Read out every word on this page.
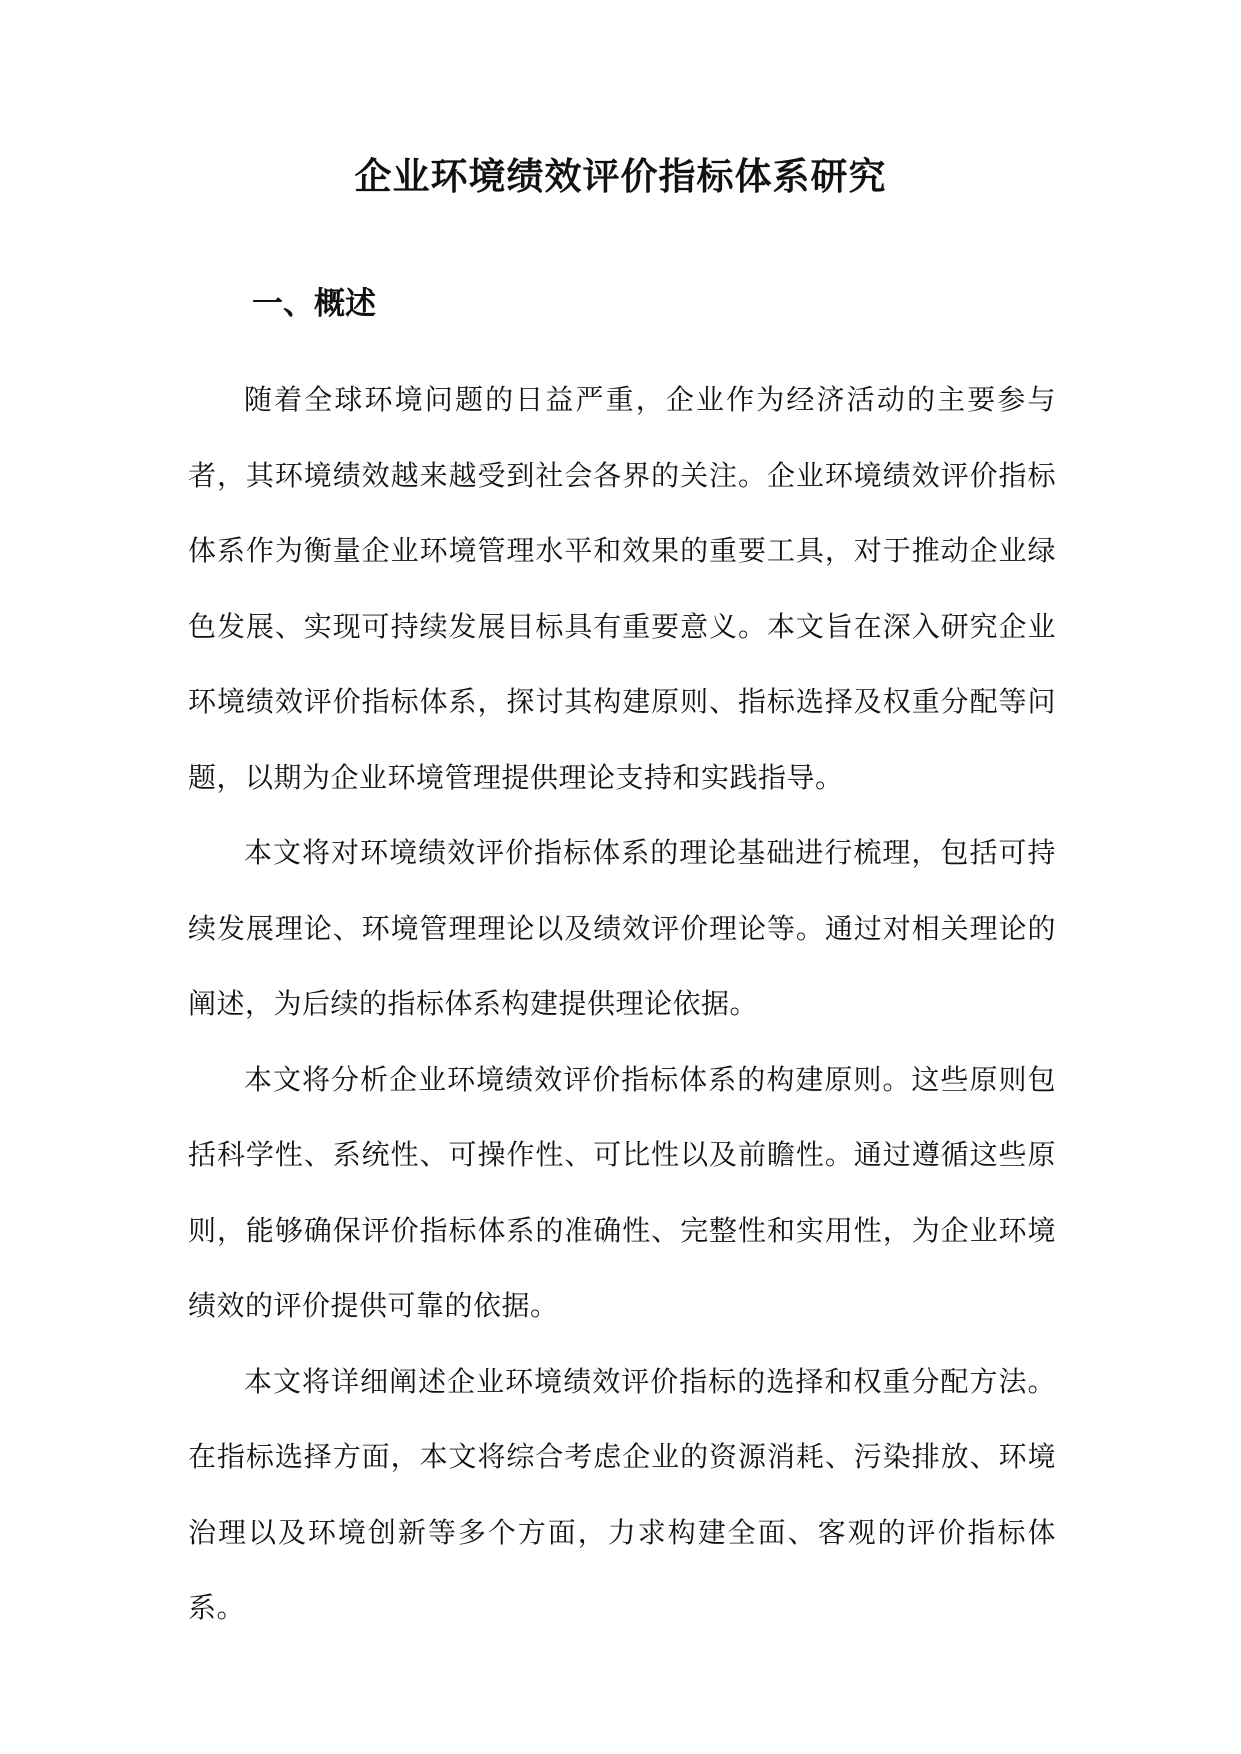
企业环境绩效评价指标体系研究
一、概述

随着全球环境问题的日益严重，企业作为经济活动的主要参与者，其环境绩效越来越受到社会各界的关注。企业环境绩效评价指标体系作为衡量企业环境管理水平和效果的重要工具，对于推动企业绿色发展、实现可持续发展目标具有重要意义。本文旨在深入研究企业环境绩效评价指标体系，探讨其构建原则、指标选择及权重分配等问题，以期为企业环境管理提供理论支持和实践指导。

本文将对环境绩效评价指标体系的理论基础进行梳理，包括可持续发展理论、环境管理理论以及绩效评价理论等。通过对相关理论的阐述，为后续的指标体系构建提供理论依据。

本文将分析企业环境绩效评价指标体系的构建原则。这些原则包括科学性、系统性、可操作性、可比性以及前瞻性。通过遵循这些原则，能够确保评价指标体系的准确性、完整性和实用性，为企业环境绩效的评价提供可靠的依据。

本文将详细阐述企业环境绩效评价指标的选择和权重分配方法。在指标选择方面，本文将综合考虑企业的资源消耗、污染排放、环境治理以及环境创新等多个方面，力求构建全面、客观的评价指标体系。
